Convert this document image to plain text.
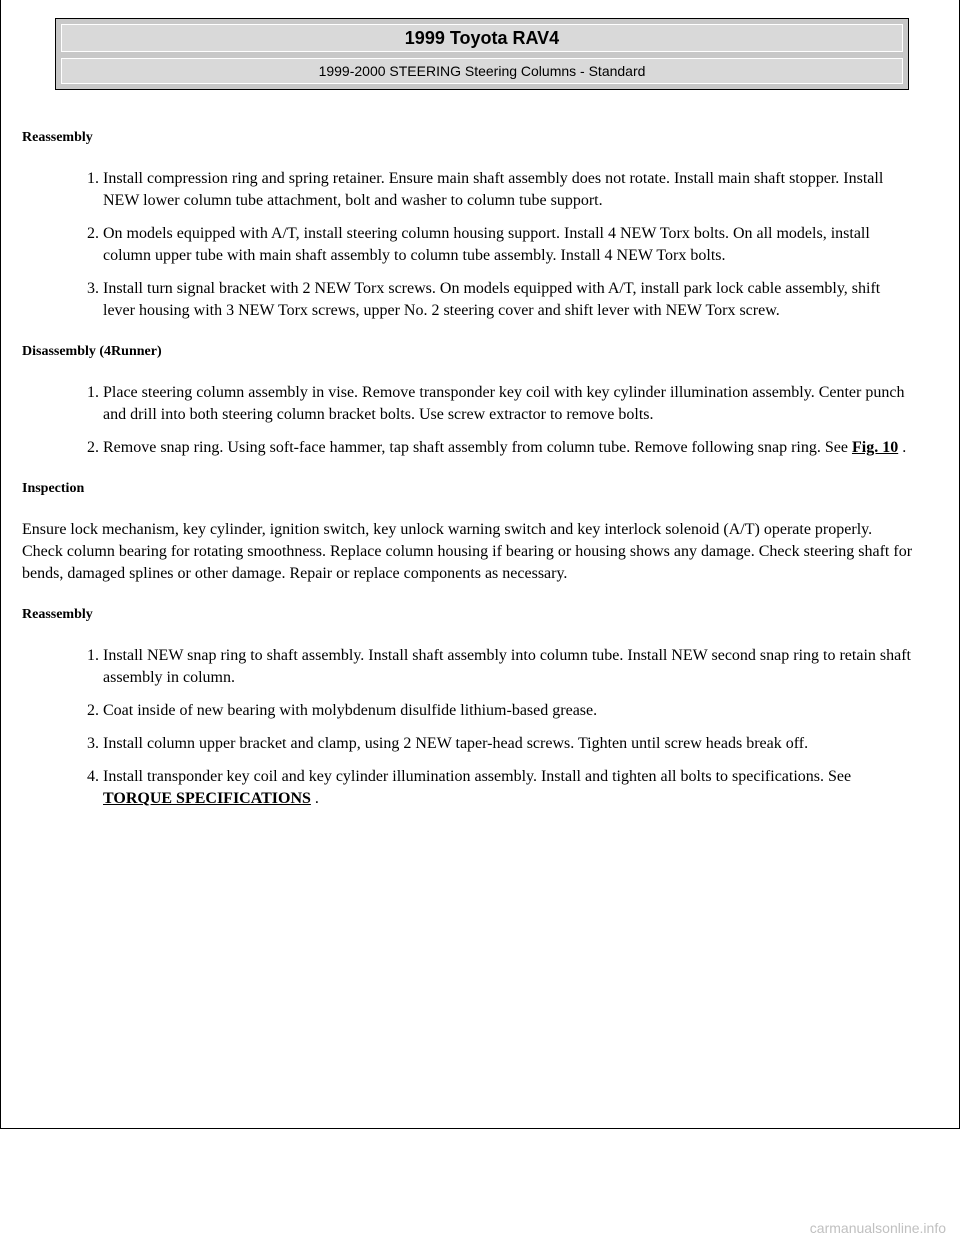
1999 Toyota RAV4
1999-2000 STEERING Steering Columns - Standard
Reassembly
1. Install compression ring and spring retainer. Ensure main shaft assembly does not rotate. Install main shaft stopper. Install NEW lower column tube attachment, bolt and washer to column tube support.
2. On models equipped with A/T, install steering column housing support. Install 4 NEW Torx bolts. On all models, install column upper tube with main shaft assembly to column tube assembly. Install 4 NEW Torx bolts.
3. Install turn signal bracket with 2 NEW Torx screws. On models equipped with A/T, install park lock cable assembly, shift lever housing with 3 NEW Torx screws, upper No. 2 steering cover and shift lever with NEW Torx screw.
Disassembly (4Runner)
1. Place steering column assembly in vise. Remove transponder key coil with key cylinder illumination assembly. Center punch and drill into both steering column bracket bolts. Use screw extractor to remove bolts.
2. Remove snap ring. Using soft-face hammer, tap shaft assembly from column tube. Remove following snap ring. See Fig. 10 .
Inspection

Ensure lock mechanism, key cylinder, ignition switch, key unlock warning switch and key interlock solenoid (A/T) operate properly. Check column bearing for rotating smoothness. Replace column housing if bearing or housing shows any damage. Check steering shaft for bends, damaged splines or other damage. Repair or replace components as necessary.

Reassembly
1. Install NEW snap ring to shaft assembly. Install shaft assembly into column tube. Install NEW second snap ring to retain shaft assembly in column.
2. Coat inside of new bearing with molybdenum disulfide lithium-based grease.
3. Install column upper bracket and clamp, using 2 NEW taper-head screws. Tighten until screw heads break off.
4. Install transponder key coil and key cylinder illumination assembly. Install and tighten all bolts to specifications. See TORQUE SPECIFICATIONS .
carmanualsonline.info
